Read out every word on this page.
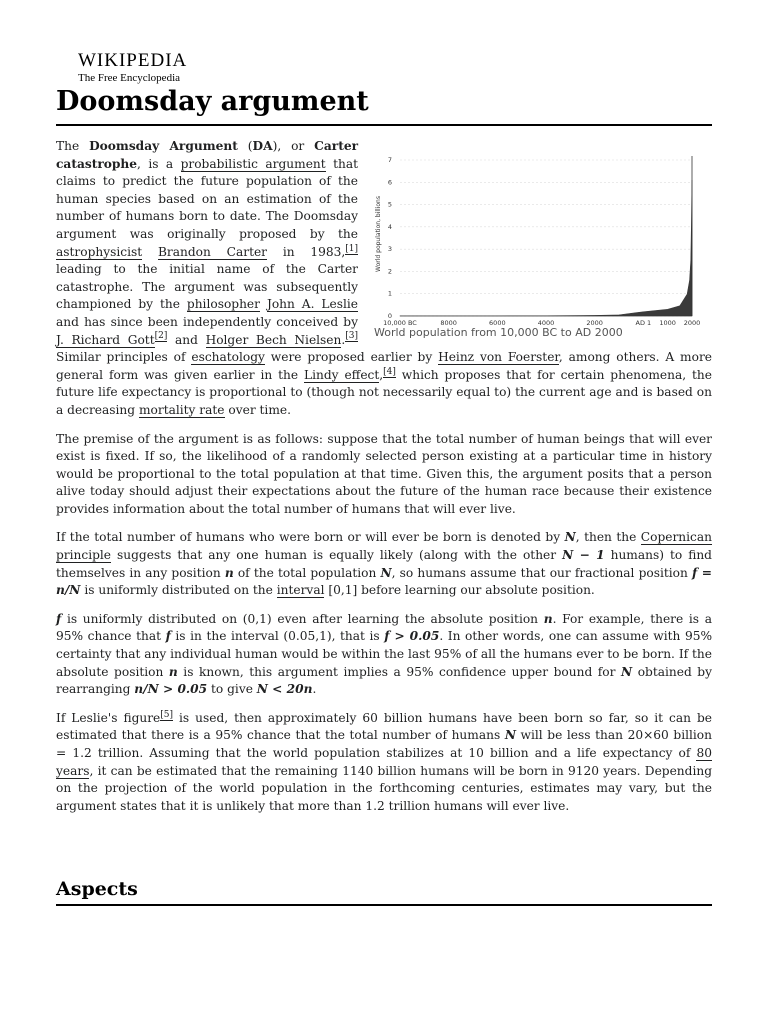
WIKIPEDIA
The Free Encyclopedia
Doomsday argument
0
1
2
3
4
5
6
7
10,000 BC	8000	6000	4000	2000	AD 1 1000 2000
World population, billions
World population from 10,000 BC to AD 2000

The Doomsday Argument (DA), or Carter catastrophe, is a probabilistic argument that claims to predict the future population of the human species based on an estimation of the number of humans born to date. The Doomsday argument was originally proposed by the astrophysicist Brandon Carter in 1983,[1] leading to the initial name of the Carter catastrophe. The argument was subsequently championed by the philosopher John A. Leslie and has since been independently conceived by J. Richard Gott[2] and Holger Bech Nielsen.[3] Similar principles of eschatology were proposed earlier by Heinz von Foerster, among others. A more general form was given earlier in the Lindy effect,[4] which proposes that for certain phenomena, the future life expectancy is proportional to (though not necessarily equal to) the current age and is based on a decreasing mortality rate over time.

The premise of the argument is as follows: suppose that the total number of human beings that will ever exist is fixed. If so, the likelihood of a randomly selected person existing at a particular time in history would be proportional to the total population at that time. Given this, the argument posits that a person alive today should adjust their expectations about the future of the human race because their existence provides information about the total number of humans that will ever live.

If the total number of humans who were born or will ever be born is denoted by N, then the Copernican principle suggests that any one human is equally likely (along with the other N − 1 humans) to find themselves in any position n of the total population N, so humans assume that our fractional position f = n/N is uniformly distributed on the interval [0,1] before learning our absolute position.

f is uniformly distributed on (0,1) even after learning the absolute position n. For example, there is a 95% chance that f is in the interval (0.05,1), that is f > 0.05. In other words, one can assume with 95% certainty that any individual human would be within the last 95% of all the humans ever to be born. If the absolute position n is known, this argument implies a 95% confidence upper bound for N obtained by rearranging n/N > 0.05 to give N < 20n.

If Leslie's figure[5] is used, then approximately 60 billion humans have been born so far, so it can be estimated that there is a 95% chance that the total number of humans N will be less than 20×60 billion = 1.2 trillion. Assuming that the world population stabilizes at 10 billion and a life expectancy of 80 years, it can be estimated that the remaining 1140 billion humans will be born in 9120 years. Depending on the projection of the world population in the forthcoming centuries, estimates may vary, but the argument states that it is unlikely that more than 1.2 trillion humans will ever live.

Aspects
